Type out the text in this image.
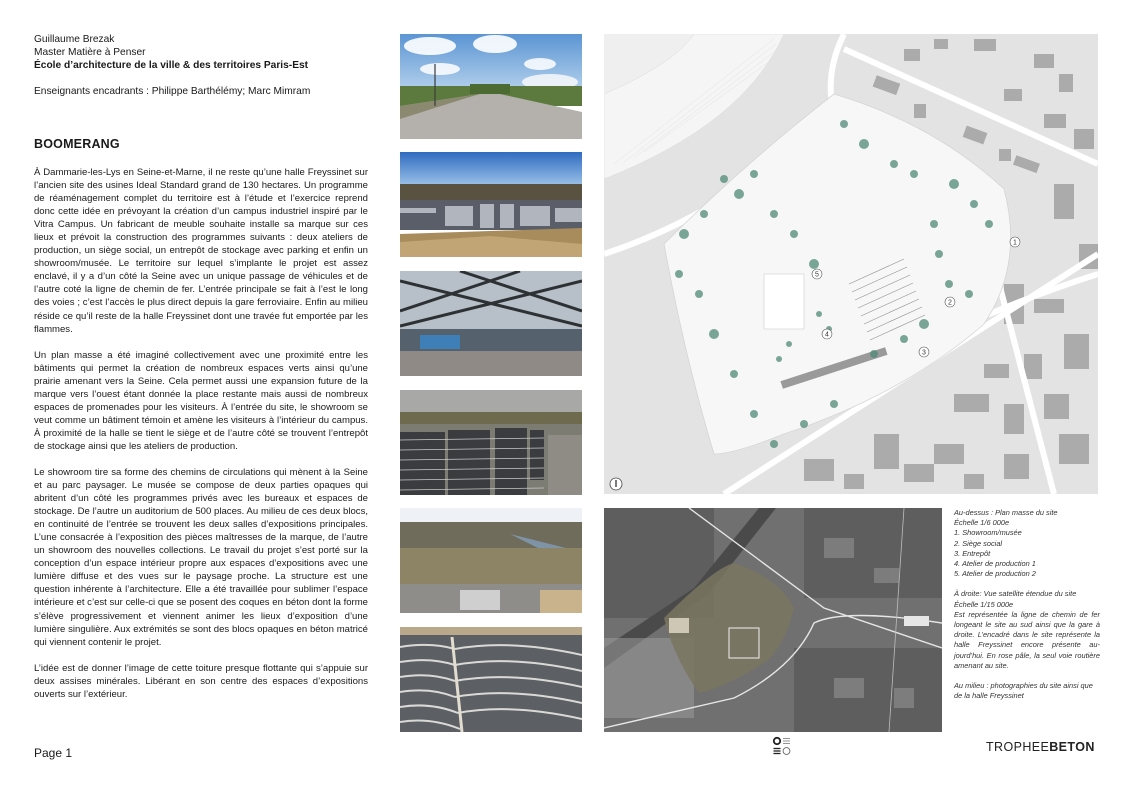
Guillaume Brezak
Master Matière à Penser
École d’architecture de la ville & des territoires Paris-Est
Enseignants encadrants : Philippe Barthélémy; Marc Mimram
BOOMERANG

À Dammarie-les-Lys en Seine-et-Marne, il ne reste qu’une halle Freyssinet sur l’ancien site des usines Ideal Standard grand de 130 hectares. Un programme de réaménagement complet du territoire est à l’étude et l’exercice reprend donc cette idée en prévoyant la création d’un campus industriel inspiré par le Vitra Campus. Un fabricant de meuble souhaite installe sa marque sur ces lieux et prévoit la construction des programmes suivants : deux ateliers de production, un siège social, un entrepôt de stockage avec parking et enfin un showroom/musée. Le territoire sur lequel s’implante le projet est assez enclavé, il y a d’un côté la Seine avec un unique passage de véhicules et de l’autre coté la ligne de chemin de fer. L’entrée principale se fait à l’est le long des voies ; c’est l’accès le plus direct depuis la gare ferroviaire. Enfin au milieu réside ce qu’il reste de la halle Freyssinet dont une travée fut emportée par les flammes.

Un plan masse a été imaginé collectivement avec une proximité entre les bâtiments qui permet la création de nombreux espaces verts ainsi qu’une prairie amenant vers la Seine. Cela permet aussi une expansion future de la marque vers l’ouest étant donnée la place restante mais aussi de nombreux espaces de promenades pour les visiteurs. À l’entrée du site, le showroom se veut comme un bâtiment témoin et amène les visiteurs à l’intérieur du campus. À proximité de la halle se tient le siège et de l’autre côté se trouvent l’entrepôt de stockage ainsi que les ateliers de production.

Le showroom tire sa forme des chemins de circulations qui mènent à la Seine et au parc paysager. Le musée se compose de deux parties opaques qui abritent d’un côté les programmes privés avec les bureaux et espaces de stockage. De l’autre un auditorium de 500 places. Au milieu de ces deux blocs, en continuité de l’entrée se trouvent les deux salles d’expositions principales. L’une consacrée à l’exposition des pièces maîtresses de la marque, de l’autre un showroom des nouvelles collections. Le travail du projet s’est porté sur la conception d’un espace intérieur propre aux espaces d’expositions avec une lumière diffuse et des vues sur le paysage proche. La structure est une question inhérente à l’architecture. Elle a été travaillée pour sublimer l’espace intérieure et c’est sur celle-ci que se posent des coques en béton dont la forme s’élève progressivement et viennent animer les lieux d’exposition d’une lumière singulière. Aux extrémités se sont des blocs opaques en béton matricé qui viennent contenir le projet.

L’idée est de donner l’image de cette toiture presque flottante qui s’appuie sur deux assises minérales. Libérant en son centre des espaces d’expositions ouverts sur l’extérieur.

Page 1
1
2
3
4
5
Au-dessus : Plan masse du site
Échelle 1/6 000e
1. Showroom/musée
2. Siège social
3. Entrepôt
4. Atelier de production 1
5. Atelier de production 2
À droite: Vue satellite étendue du site
Échelle 1/15 000e
Est représentée la ligne de chemin de fer longeant le site au sud ainsi que la gare à droite. L’encadré dans le site représente la halle Freyssinet encore présente aujourd’hui. En rose pâle, la seul voie routière amenant au site.
Au milieu : photographies du site ainsi que de la halle Freyssinet
TROPHEEBETON
